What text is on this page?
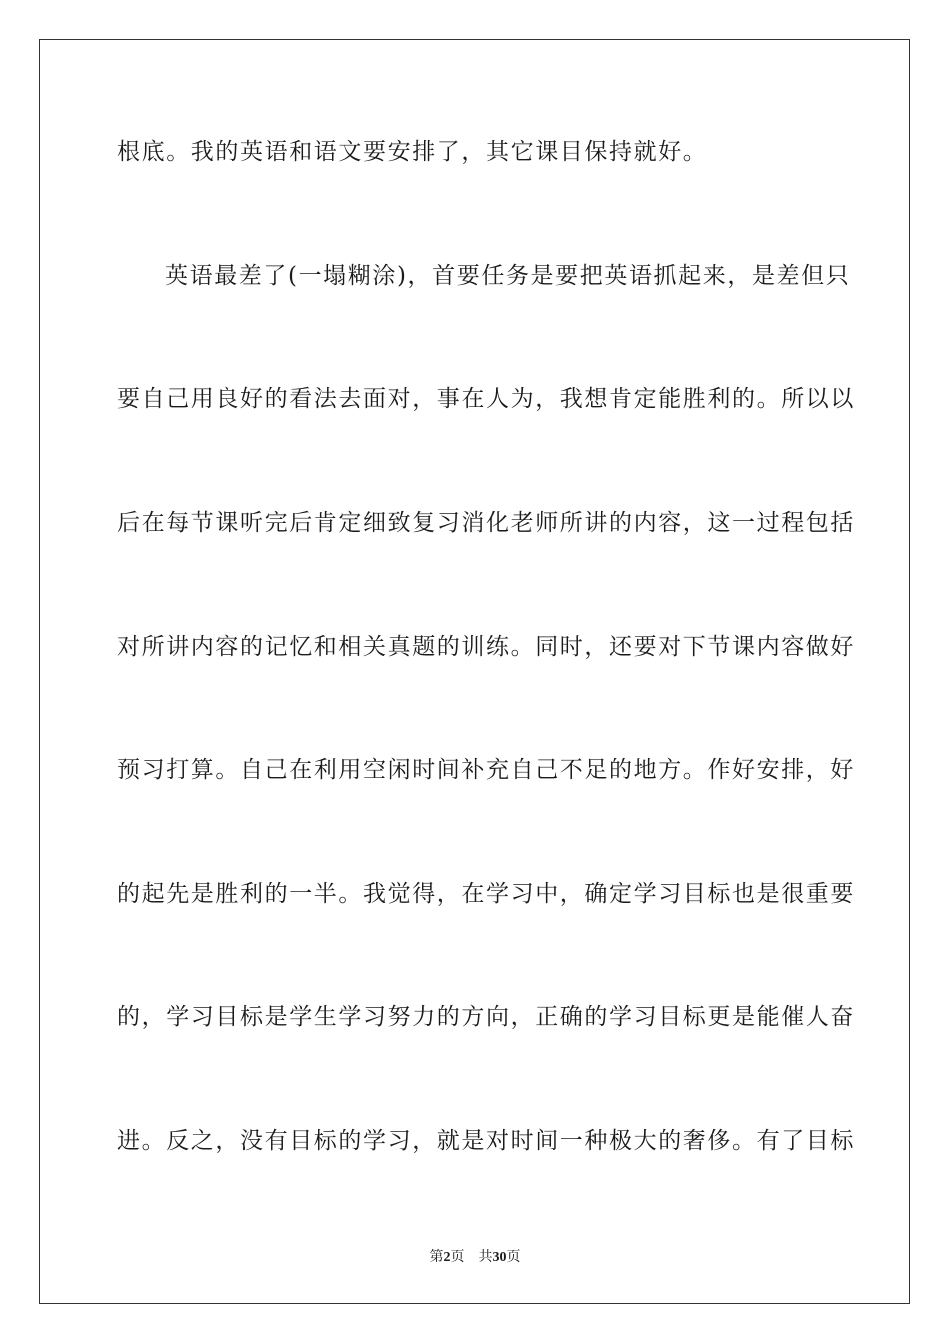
根底。我的英语和语文要安排了，其它课目保持就好。
英语最差了(一塌糊涂)，首要任务是要把英语抓起来，是差但只
要自己用良好的看法去面对，事在人为，我想肯定能胜利的。所以以
后在每节课听完后肯定细致复习消化老师所讲的内容，这一过程包括
对所讲内容的记忆和相关真题的训练。同时，还要对下节课内容做好
预习打算。自己在利用空闲时间补充自己不足的地方。作好安排，好
的起先是胜利的一半。我觉得，在学习中，确定学习目标也是很重要
的，学习目标是学生学习努力的方向，正确的学习目标更是能催人奋
进。反之，没有目标的学习，就是对时间一种极大的奢侈。有了目标
第2页 共30页
